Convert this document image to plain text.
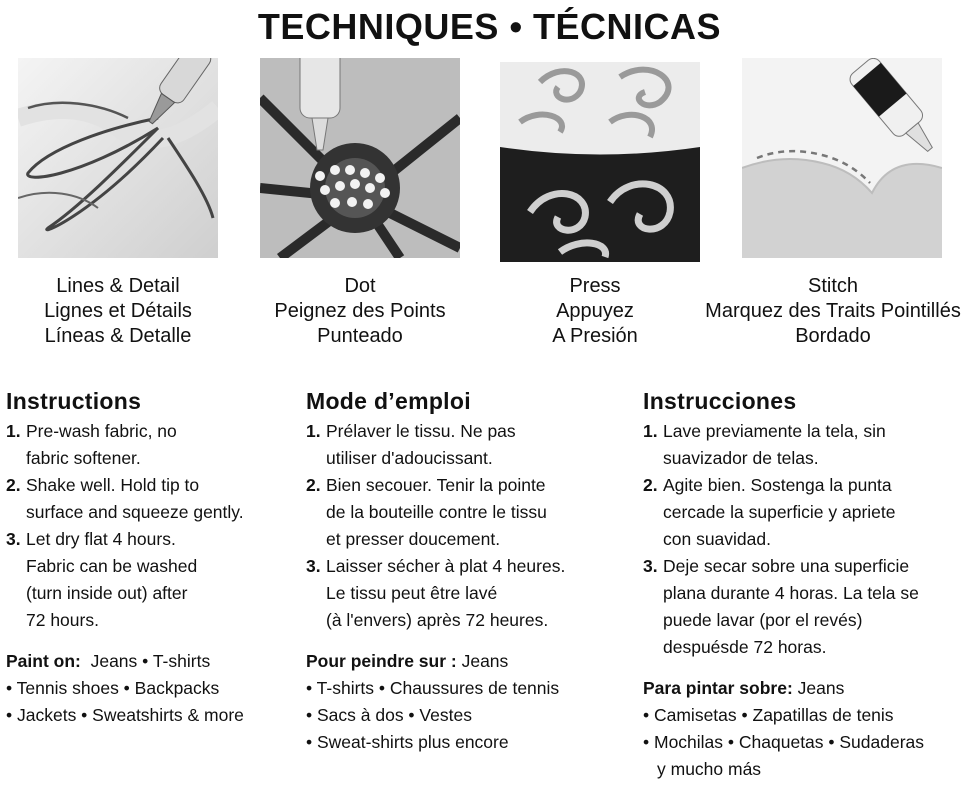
TECHNIQUES • TÉCNICAS
Lines & Detail
Lignes et Détails
Líneas & Detalle
Dot
Peignez des Points
Punteado
Press
Appuyez
A Presión
Stitch
Marquez des Traits Pointillés
Bordado
Instructions
1. Pre-wash fabric, no
fabric softener.
2. Shake well. Hold tip to
surface and squeeze gently.
3. Let dry flat 4 hours.
Fabric can be washed
(turn inside out) after
72 hours.
Paint on: Jeans • T-shirts
• Tennis shoes • Backpacks
• Jackets • Sweatshirts & more
Mode d’emploi
1. Prélaver le tissu. Ne pas
utiliser d'adoucissant.
2. Bien secouer. Tenir la pointe
de la bouteille contre le tissu
et presser doucement.
3. Laisser sécher à plat 4 heures.
Le tissu peut être lavé
(à l'envers) après 72 heures.
Pour peindre sur : Jeans
• T-shirts • Chaussures de tennis
• Sacs à dos • Vestes
• Sweat-shirts plus encore
Instrucciones
1. Lave previamente la tela, sin
suavizador de telas.
2. Agite bien. Sostenga la punta
cercade la superficie y apriete
con suavidad.
3. Deje secar sobre una superficie
plana durante 4 horas. La tela se
puede lavar (por el revés)
despuésde 72 horas.
Para pintar sobre: Jeans
• Camisetas • Zapatillas de tenis
• Mochilas • Chaquetas • Sudaderas
y mucho más
